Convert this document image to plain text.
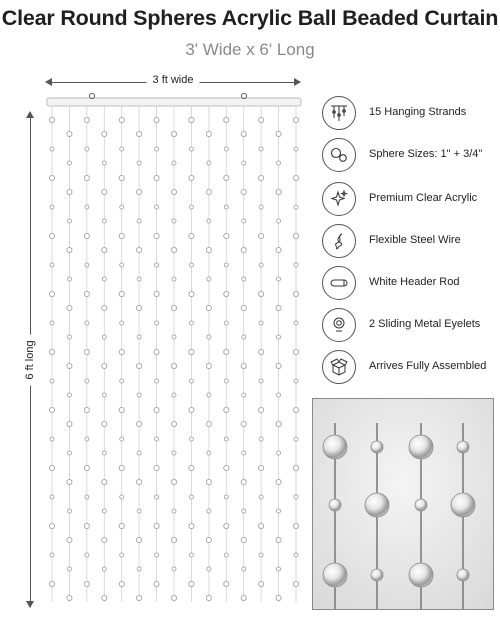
Clear Round Spheres Acrylic Ball Beaded Curtain
3' Wide x 6' Long
3 ft wide
6 ft long
15 Hanging Strands
Sphere Sizes: 1" + 3/4"
Premium Clear Acrylic
Flexible Steel Wire
White Header Rod
2 Sliding Metal Eyelets
Arrives Fully Assembled
